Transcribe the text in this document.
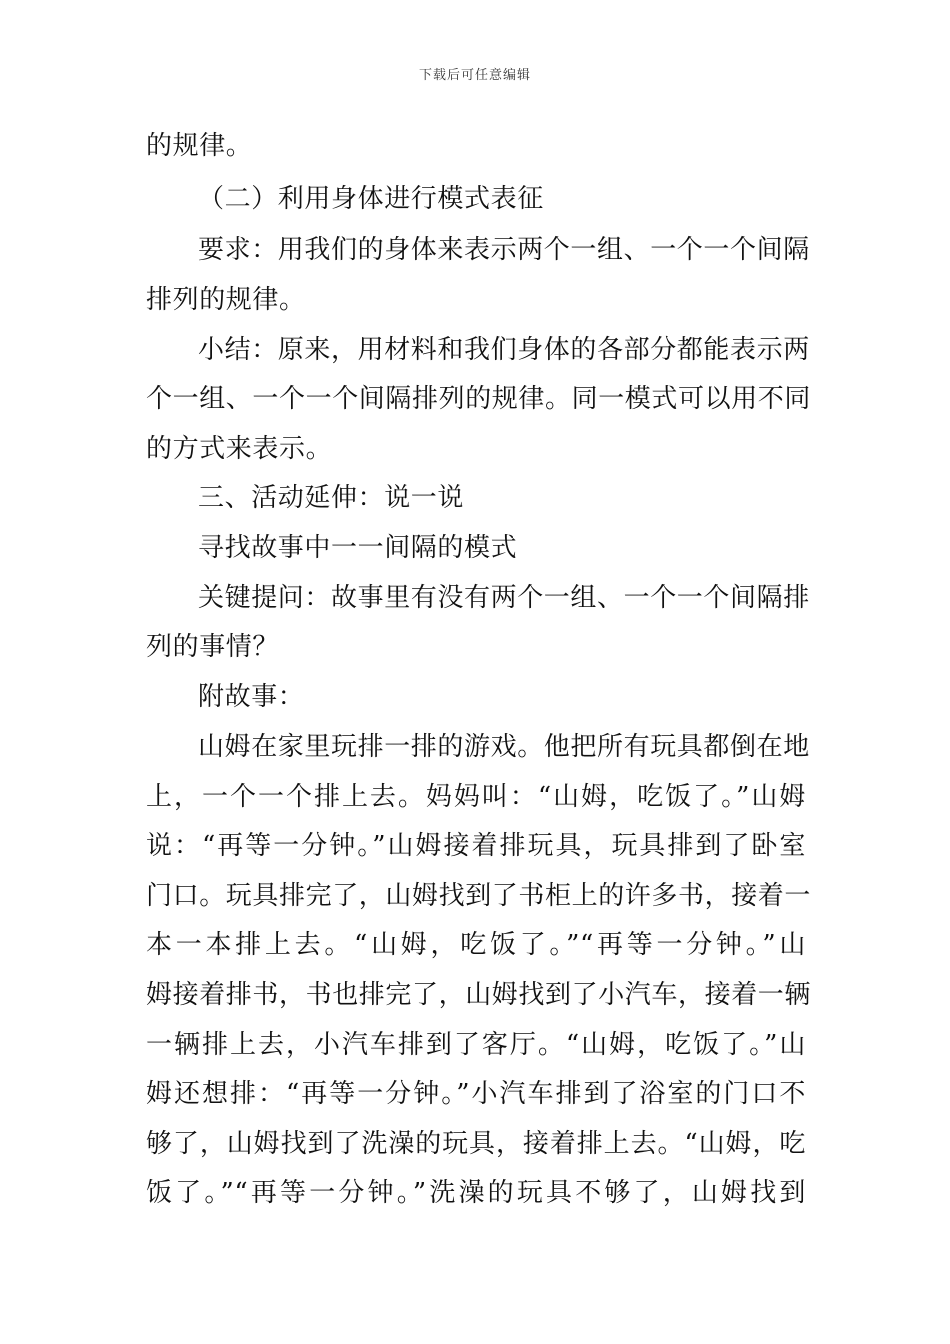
下载后可任意编辑
的规律。
（二）利用身体进行模式表征
要求：用我们的身体来表示两个一组、一个一个间隔
排列的规律。
小结：原来，用材料和我们身体的各部分都能表示两
个一组、一个一个间隔排列的规律。同一模式可以用不同
的方式来表示。
三、活动延伸：说一说
寻找故事中一一间隔的模式
关键提问：故事里有没有两个一组、一个一个间隔排
列的事情？
附故事：
山姆在家里玩排一排的游戏。他把所有玩具都倒在地
上，一个一个排上去。妈妈叫：“山姆，吃饭了。”山姆
说：“再等一分钟。”山姆接着排玩具，玩具排到了卧室
门口。玩具排完了，山姆找到了书柜上的许多书，接着一
本一本排上去。“山姆，吃饭了。”“再等一分钟。”山
姆接着排书，书也排完了，山姆找到了小汽车，接着一辆
一辆排上去，小汽车排到了客厅。“山姆，吃饭了。”山
姆还想排：“再等一分钟。”小汽车排到了浴室的门口不
够了，山姆找到了洗澡的玩具，接着排上去。“山姆，吃
饭了。”“再等一分钟。”洗澡的玩具不够了，山姆找到
